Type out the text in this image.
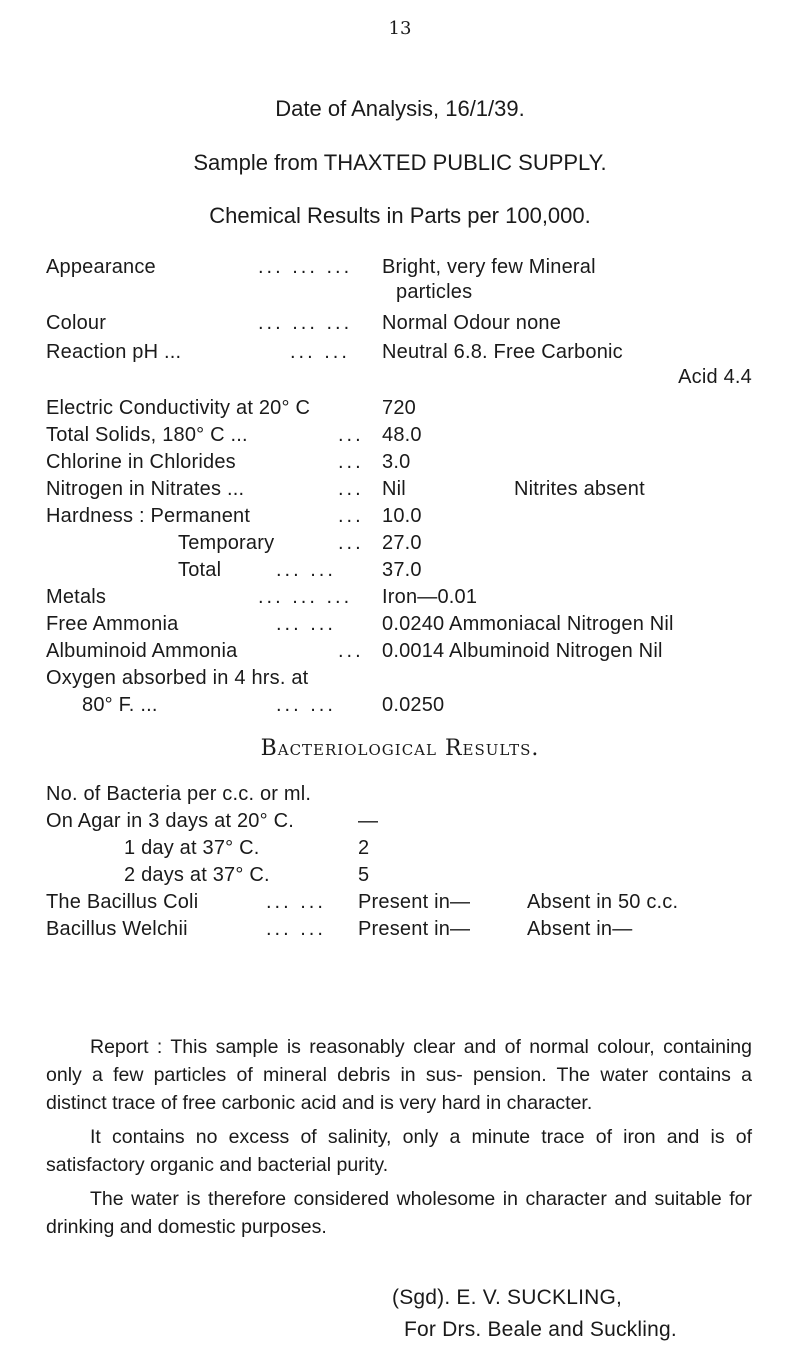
13
Date of Analysis, 16/1/39.
Sample from THAXTED PUBLIC SUPPLY.
Chemical Results in Parts per 100,000.
Appearance	... ... ... Bright, very few Mineral
particles
Colour	... ... ... Normal Odour none
Reaction pH ...	... ... Neutral 6.8. Free Carbonic
Acid 4.4
Electric Conductivity at 20° C	720
Total Solids, 180° C ...	... 48.0
Chlorine in Chlorides	... 3.0
Nitrogen in Nitrates ...	... Nil	Nitrites absent
Hardness : Permanent	... 10.0
Temporary	... 27.0
Total	... ... 37.0
Metals	... ... ... Iron—0.01
Free Ammonia	... ... 0.0240 Ammoniacal Nitrogen Nil
Albuminoid Ammonia	... 0.0014 Albuminoid Nitrogen Nil
Oxygen absorbed in 4 hrs. at
80° F. ...	... ... 0.0250
Bacteriological Results.
No. of Bacteria per c.c. or ml.
On Agar in 3 days at 20° C.	—
1 day at 37° C.	2
2 days at 37° C.	5
The Bacillus Coli	... ... Present in—	Absent in 50 c.c.
Bacillus Welchii	... ... Present in—	Absent in—

Report : This sample is reasonably clear and of normal colour, containing only a few particles of mineral debris in sus- pension. The water contains a distinct trace of free carbonic acid and is very hard in character.

It contains no excess of salinity, only a minute trace of iron and is of satisfactory organic and bacterial purity.

The water is therefore considered wholesome in character and suitable for drinking and domestic purposes.

(Sgd). E. V. SUCKLING,
For Drs. Beale and Suckling.
